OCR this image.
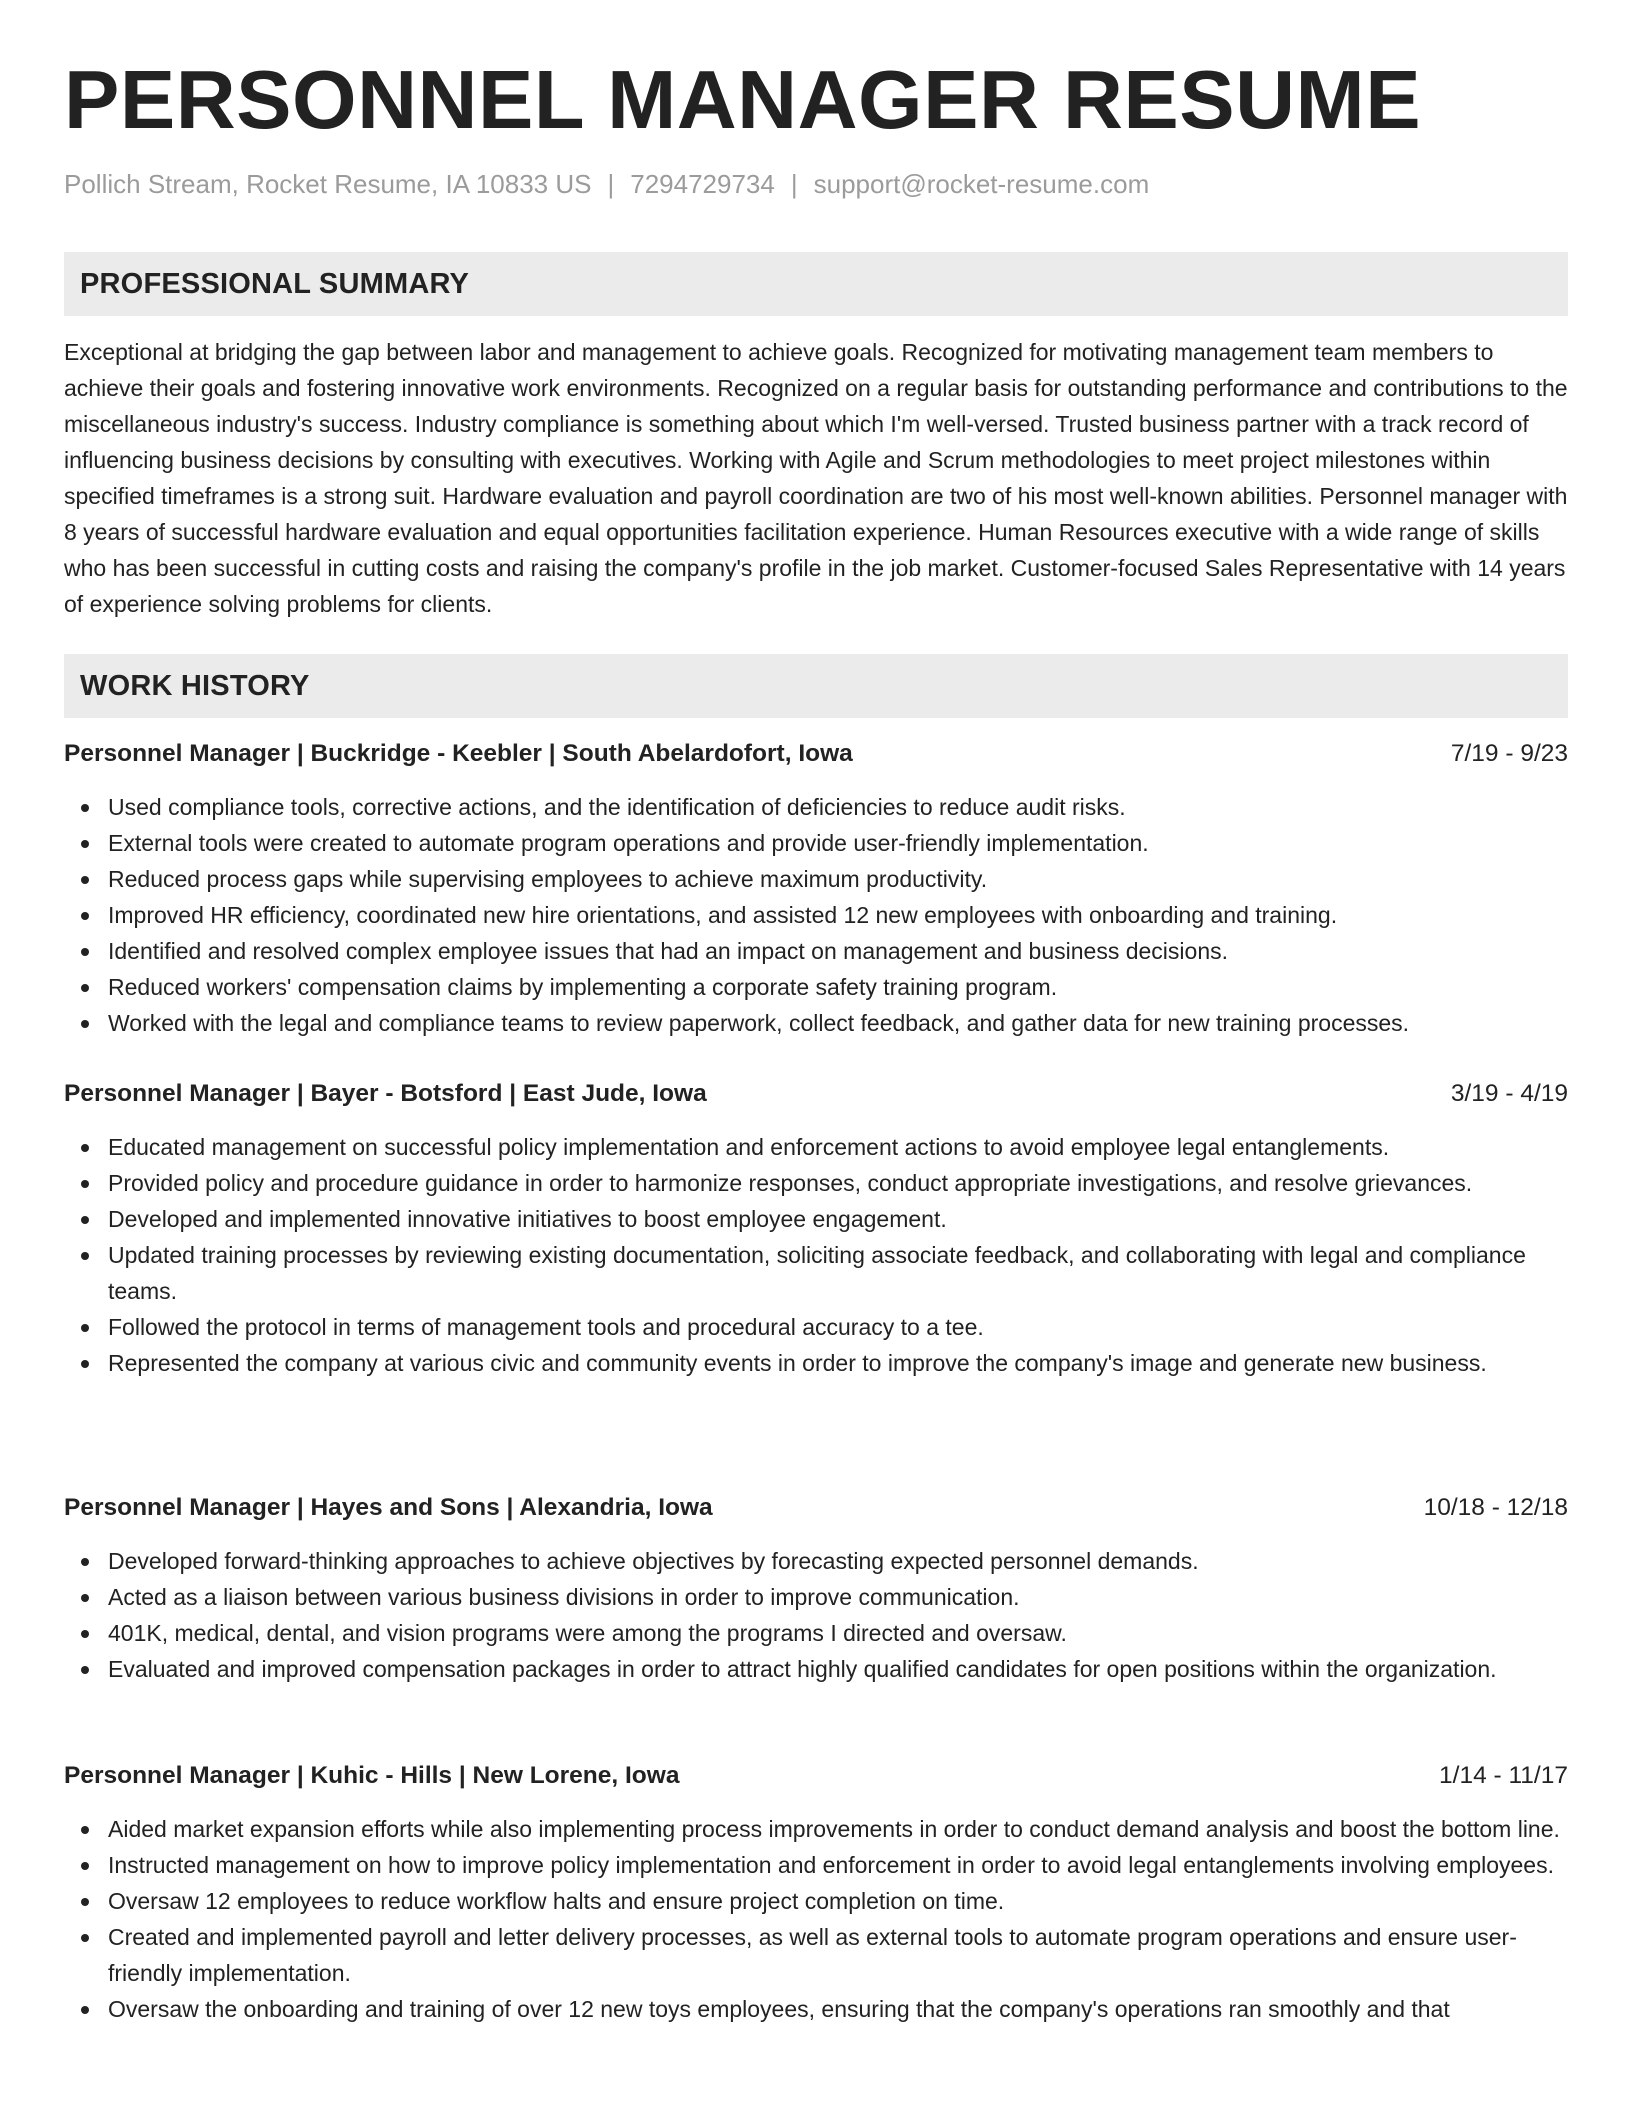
PERSONNEL MANAGER RESUME
Pollich Stream, Rocket Resume, IA 10833 US | 7294729734 | support@rocket-resume.com
PROFESSIONAL SUMMARY

Exceptional at bridging the gap between labor and management to achieve goals. Recognized for motivating management team members to achieve their goals and fostering innovative work environments. Recognized on a regular basis for outstanding performance and contributions to the miscellaneous industry's success. Industry compliance is something about which I'm well-versed. Trusted business partner with a track record of influencing business decisions by consulting with executives. Working with Agile and Scrum methodologies to meet project milestones within specified timeframes is a strong suit. Hardware evaluation and payroll coordination are two of his most well-known abilities. Personnel manager with 8 years of successful hardware evaluation and equal opportunities facilitation experience. Human Resources executive with a wide range of skills who has been successful in cutting costs and raising the company's profile in the job market. Customer-focused Sales Representative with 14 years of experience solving problems for clients.

WORK HISTORY
Personnel Manager | Buckridge - Keebler | South Abelardofort, Iowa	7/19 - 9/23
Used compliance tools, corrective actions, and the identification of deficiencies to reduce audit risks.
External tools were created to automate program operations and provide user-friendly implementation.
Reduced process gaps while supervising employees to achieve maximum productivity.
Improved HR efficiency, coordinated new hire orientations, and assisted 12 new employees with onboarding and training.
Identified and resolved complex employee issues that had an impact on management and business decisions.
Reduced workers' compensation claims by implementing a corporate safety training program.
Worked with the legal and compliance teams to review paperwork, collect feedback, and gather data for new training processes.
Personnel Manager | Bayer - Botsford | East Jude, Iowa	3/19 - 4/19
Educated management on successful policy implementation and enforcement actions to avoid employee legal entanglements.
Provided policy and procedure guidance in order to harmonize responses, conduct appropriate investigations, and resolve grievances.
Developed and implemented innovative initiatives to boost employee engagement.
Updated training processes by reviewing existing documentation, soliciting associate feedback, and collaborating with legal and compliance teams.
Followed the protocol in terms of management tools and procedural accuracy to a tee.
Represented the company at various civic and community events in order to improve the company's image and generate new business.
Personnel Manager | Hayes and Sons | Alexandria, Iowa	10/18 - 12/18
Developed forward-thinking approaches to achieve objectives by forecasting expected personnel demands.
Acted as a liaison between various business divisions in order to improve communication.
401K, medical, dental, and vision programs were among the programs I directed and oversaw.
Evaluated and improved compensation packages in order to attract highly qualified candidates for open positions within the organization.
Personnel Manager | Kuhic - Hills | New Lorene, Iowa	1/14 - 11/17
Aided market expansion efforts while also implementing process improvements in order to conduct demand analysis and boost the bottom line.
Instructed management on how to improve policy implementation and enforcement in order to avoid legal entanglements involving employees.
Oversaw 12 employees to reduce workflow halts and ensure project completion on time.
Created and implemented payroll and letter delivery processes, as well as external tools to automate program operations and ensure user-friendly implementation.
Oversaw the onboarding and training of over 12 new toys employees, ensuring that the company's operations ran smoothly and that
